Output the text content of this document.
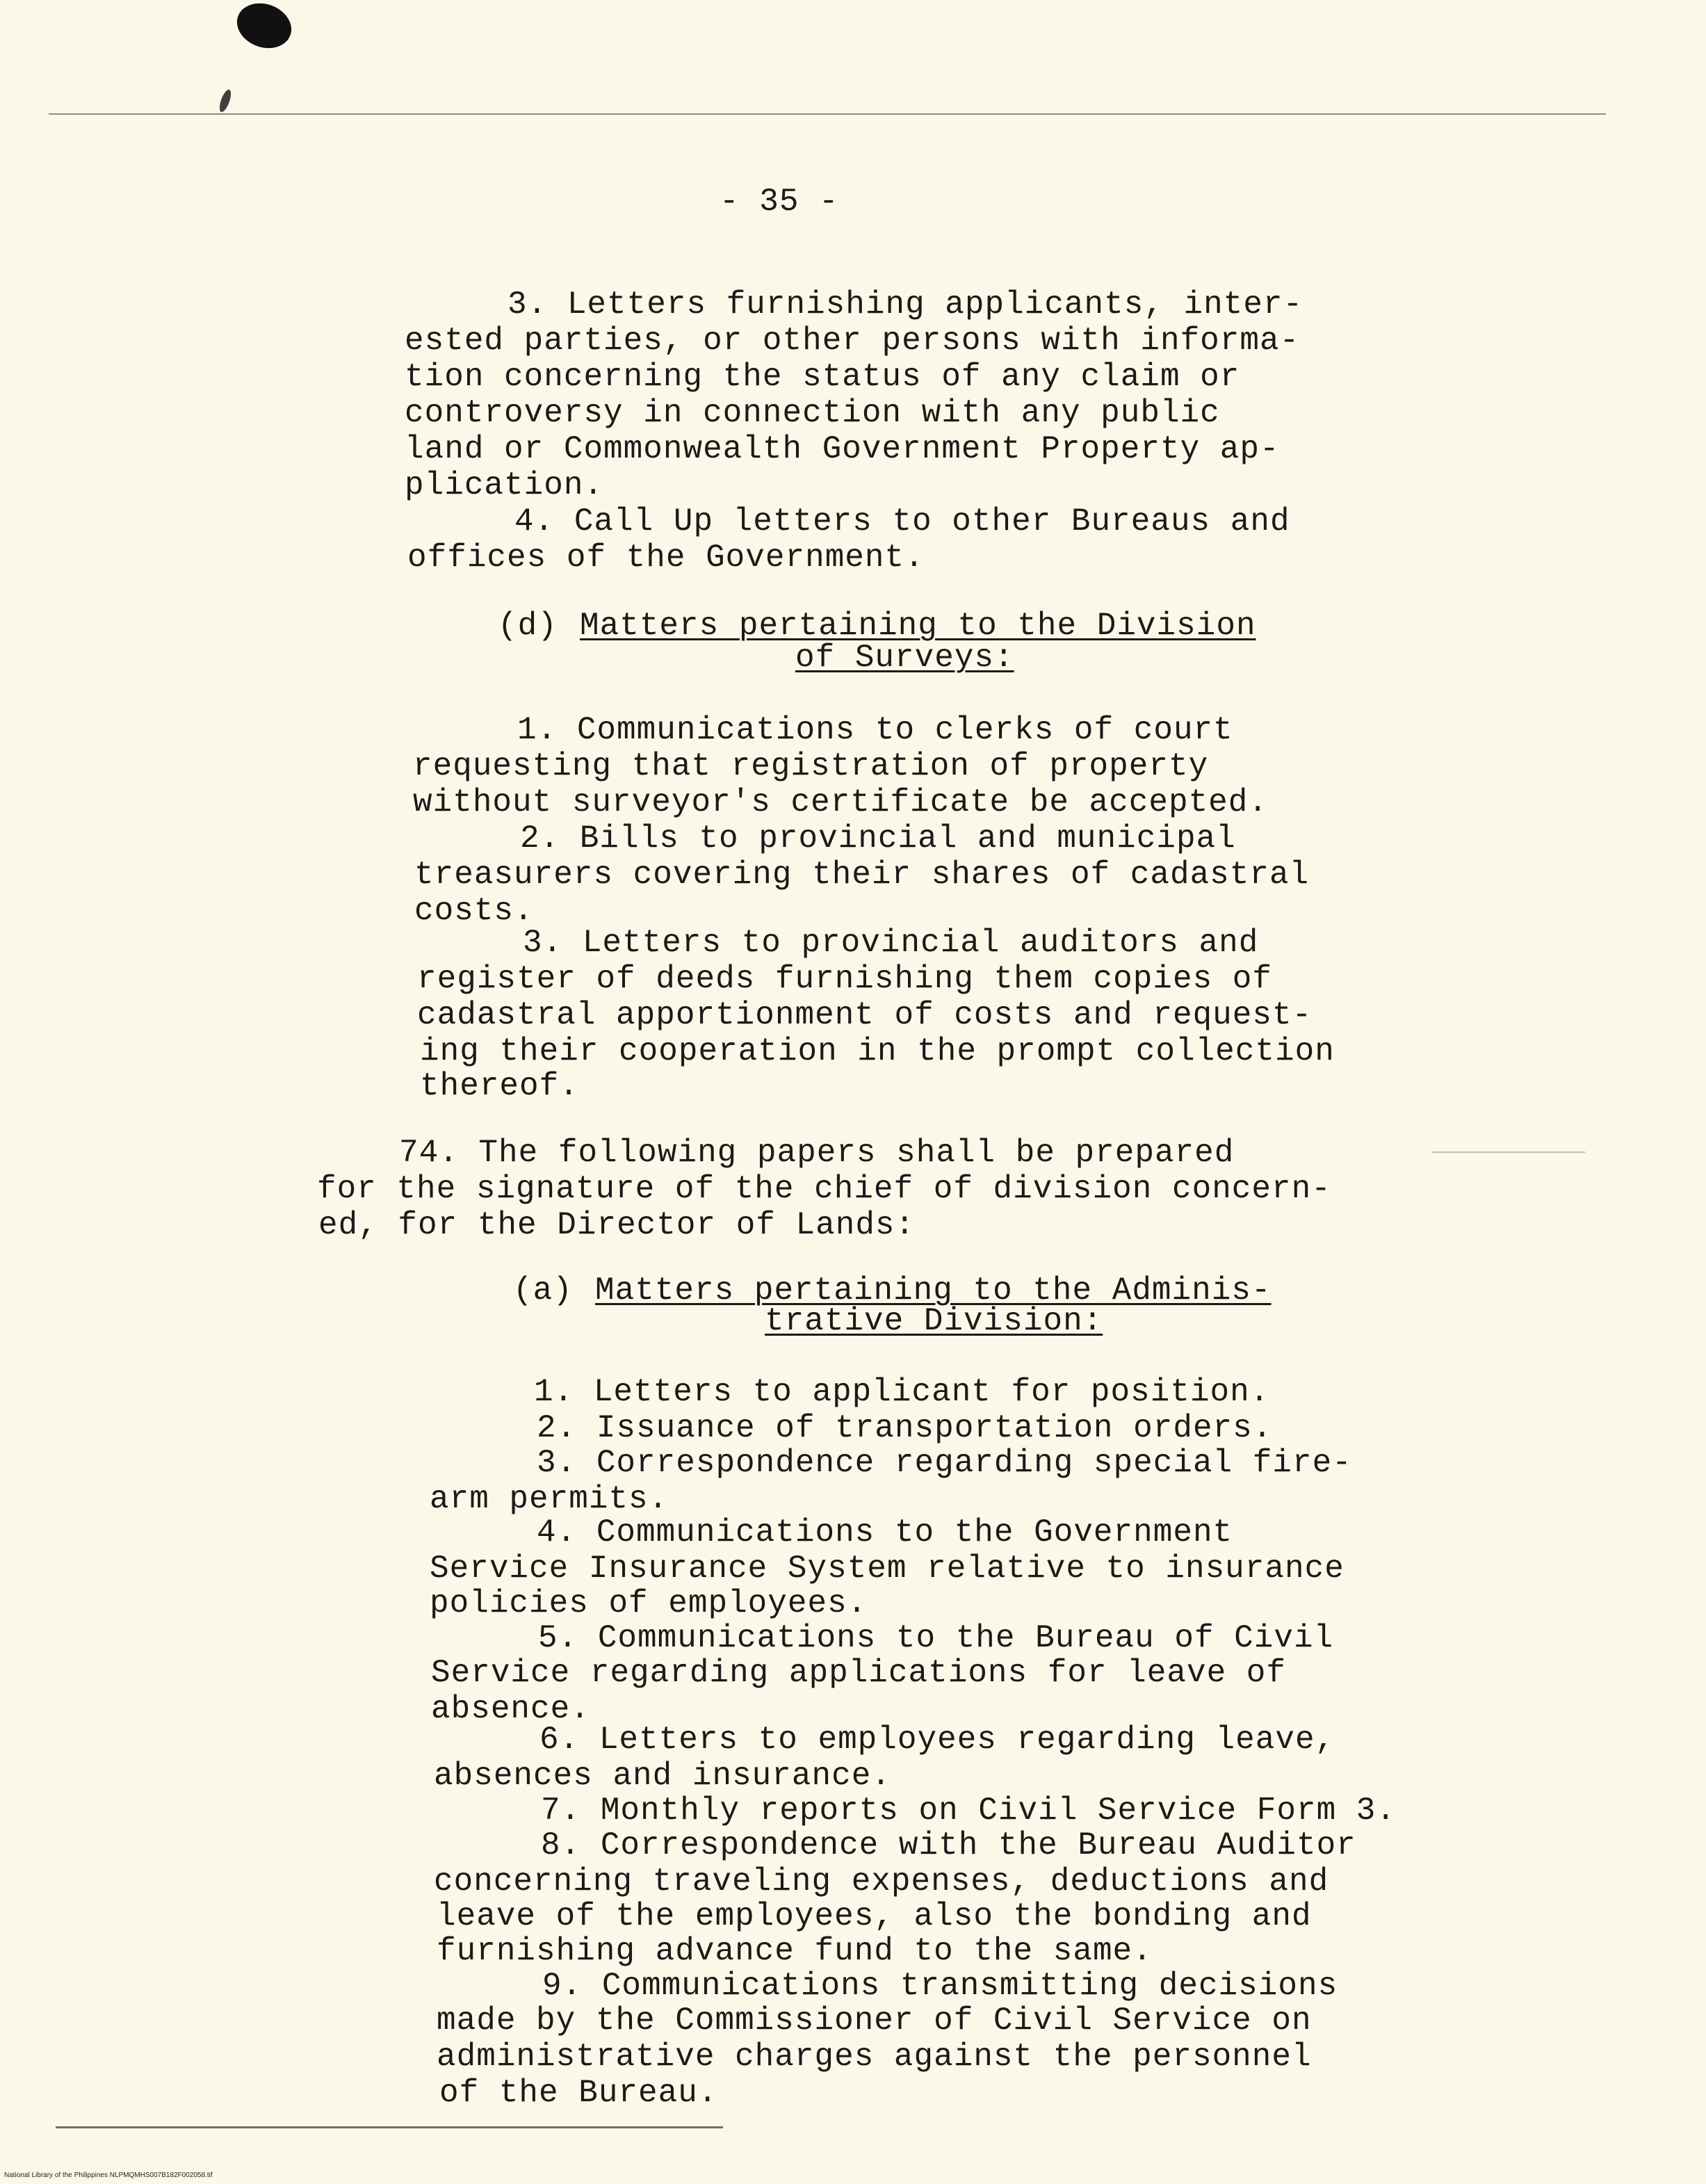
- 35 -
3. Letters furnishing applicants, inter-
ested parties, or other persons with informa-
tion concerning the status of any claim or
controversy in connection with any public
land or Commonwealth Government Property ap-
plication.
4. Call Up letters to other Bureaus and
offices of the Government.
(d) Matters pertaining to the Division
of Surveys:
1. Communications to clerks of court
requesting that registration of property
without surveyor's certificate be accepted.
2. Bills to provincial and municipal
treasurers covering their shares of cadastral
costs.
3. Letters to provincial auditors and
register of deeds furnishing them copies of
cadastral apportionment of costs and request-
ing their cooperation in the prompt collection
thereof.
74. The following papers shall be prepared
for the signature of the chief of division concern-
ed, for the Director of Lands:
(a) Matters pertaining to the Adminis-
trative Division:
1. Letters to applicant for position.
2. Issuance of transportation orders.
3. Correspondence regarding special fire-
arm permits.
4. Communications to the Government
Service Insurance System relative to insurance
policies of employees.
5. Communications to the Bureau of Civil
Service regarding applications for leave of
absence.
6. Letters to employees regarding leave,
absences and insurance.
7. Monthly reports on Civil Service Form 3.
8. Correspondence with the Bureau Auditor
concerning traveling expenses, deductions and
leave of the employees, also the bonding and
furnishing advance fund to the same.
9. Communications transmitting decisions
made by the Commissioner of Civil Service on
administrative charges against the personnel
of the Bureau.
National Library of the Philippines NLPMQMHS007B182F002058.tif
